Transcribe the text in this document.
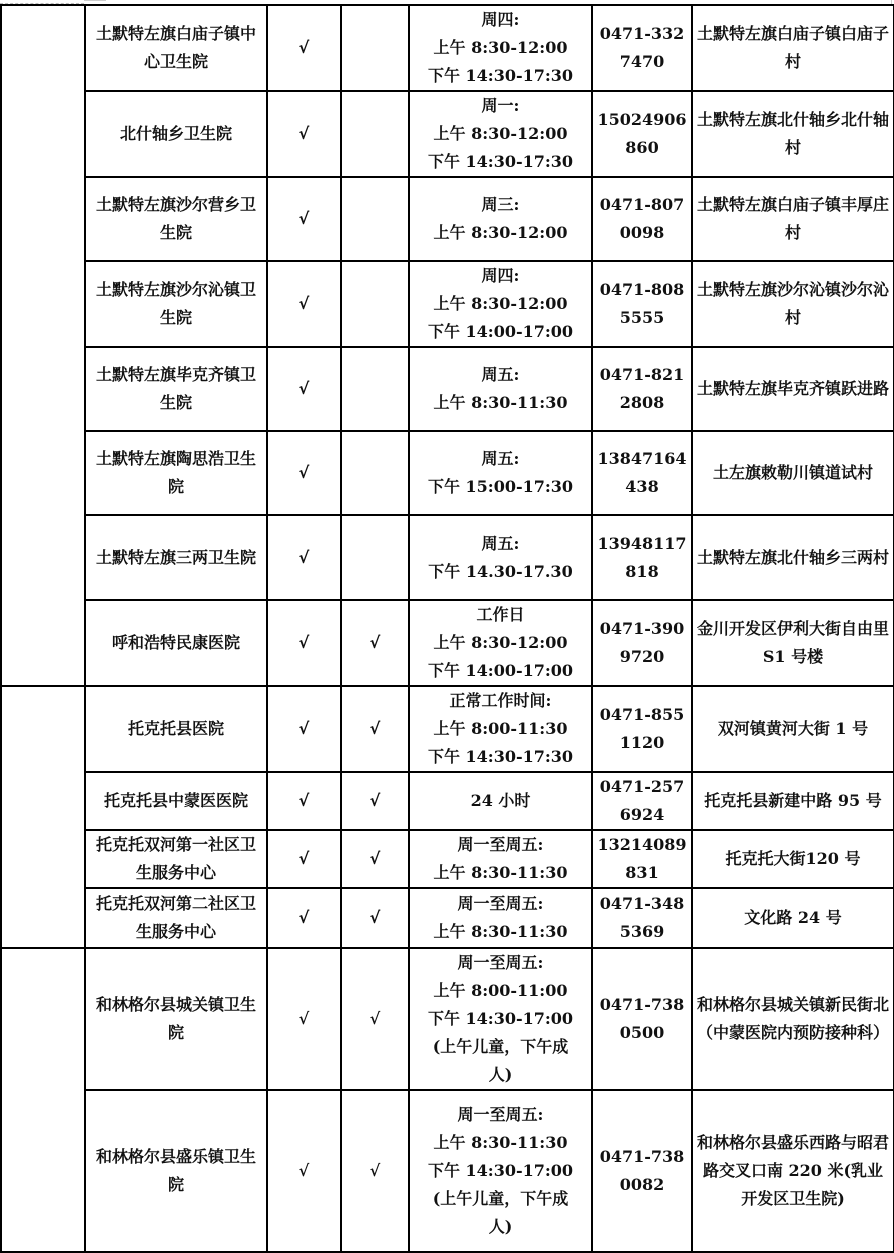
	土默特左旗白庙子镇中心卫生院	√		周四:
上午 8:30-12:00
下午 14:30-17:30	0471-3327470	土默特左旗白庙子镇白庙子村

	北什轴乡卫生院	√		周一:
上午 8:30-12:00
下午 14:30-17:30	15024906860	土默特左旗北什轴乡北什轴村

	土默特左旗沙尔营乡卫生院	√		周三:
上午 8:30-12:00	0471-8070098	土默特左旗白庙子镇丰厚庄村

	土默特左旗沙尔沁镇卫生院	√		周四:
上午 8:30-12:00
下午 14:00-17:00	0471-8085555	土默特左旗沙尔沁镇沙尔沁村

	土默特左旗毕克齐镇卫生院	√		周五:
上午 8:30-11:30	0471-8212808	土默特左旗毕克齐镇跃进路

	土默特左旗陶思浩卫生院	√		周五:
下午 15:00-17:30	13847164438	土左旗敕勒川镇道试村

	土默特左旗三两卫生院	√		周五:
下午 14.30-17.30	13948117818	土默特左旗北什轴乡三两村

	呼和浩特民康医院	√	√	工作日
上午 8:30-12:00
下午 14:00-17:00	0471-3909720	金川开发区伊利大街自由里 S1 号楼

	托克托县医院	√	√	正常工作时间:
上午 8:00-11:30
下午 14:30-17:30	0471-8551120	双河镇黄河大街 1 号

	托克托县中蒙医医院	√	√	24 小时	0471-2576924	托克托县新建中路 95 号

	托克托双河第一社区卫生服务中心	√	√	周一至周五:
上午 8:30-11:30	13214089831	托克托大街120 号

	托克托双河第二社区卫生服务中心	√	√	周一至周五:
上午 8:30-11:30	0471-3485369	文化路 24 号

	和林格尔县城关镇卫生院	√	√	周一至周五:
上午 8:00-11:00
下午 14:30-17:00
(上午儿童，下午成
人)	0471-7380500	和林格尔县城关镇新民街北（中蒙医院内预防接种科）

	和林格尔县盛乐镇卫生院	√	√	周一至周五:
上午 8:30-11:30
下午 14:30-17:00
(上午儿童，下午成
人)	0471-7380082	和林格尔县盛乐西路与昭君路交叉口南 220 米(乳业开发区卫生院)
